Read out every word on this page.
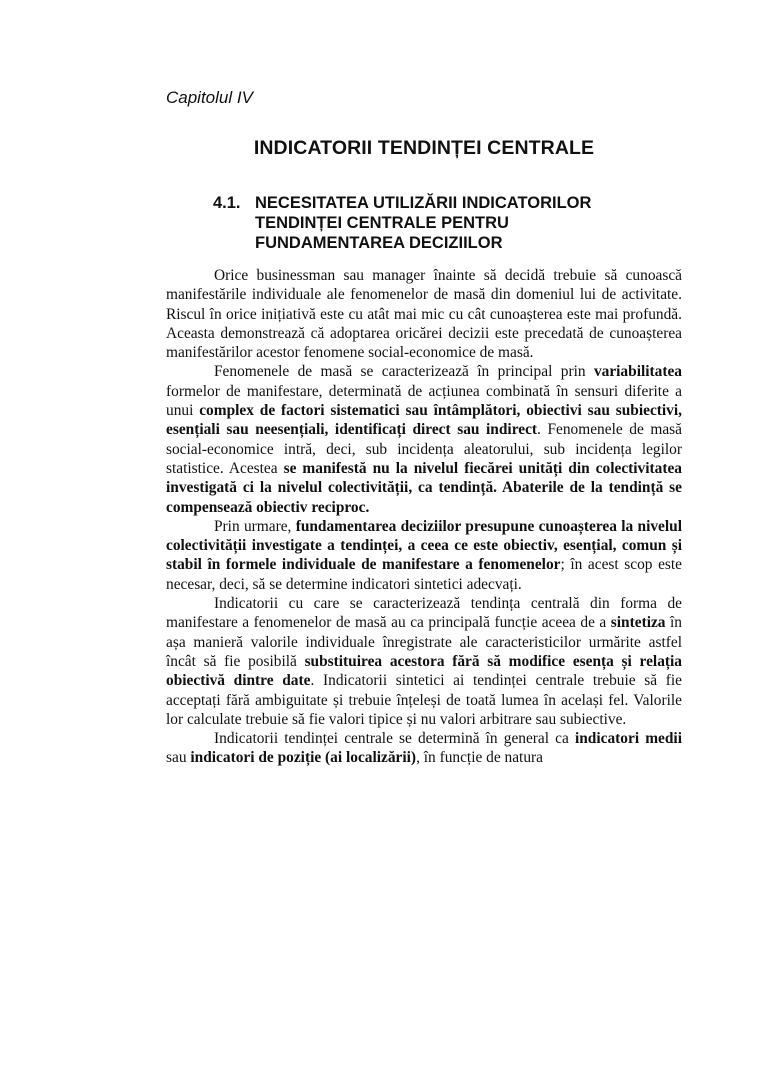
Capitolul IV
INDICATORII TENDINȚEI CENTRALE
4.1. NECESITATEA UTILIZĂRII INDICATORILOR
TENDINȚEI CENTRALE PENTRU
FUNDAMENTAREA DECIZIILOR

Orice businessman sau manager înainte să decidă trebuie să cunoască manifestările individuale ale fenomenelor de masă din domeniul lui de activitate. Riscul în orice inițiativă este cu atât mai mic cu cât cunoașterea este mai profundă. Aceasta demonstrează că adoptarea oricărei decizii este precedată de cunoașterea manifestărilor acestor fenomene social-economice de masă.

Fenomenele de masă se caracterizează în principal prin variabilitatea formelor de manifestare, determinată de acțiunea combinată în sensuri diferite a unui complex de factori sistematici sau întâmplători, obiectivi sau subiectivi, esențiali sau neesențiali, identificați direct sau indirect. Fenomenele de masă social-economice intră, deci, sub incidența aleatorului, sub incidența legilor statistice. Acestea se manifestă nu la nivelul fiecărei unități din colectivitatea investigată ci la nivelul colectivității, ca tendință. Abaterile de la tendință se compensează obiectiv reciproc.

Prin urmare, fundamentarea deciziilor presupune cunoașterea la nivelul colectivității investigate a tendinței, a ceea ce este obiectiv, esențial, comun și stabil în formele individuale de manifestare a fenomenelor; în acest scop este necesar, deci, să se determine indicatori sintetici adecvați.

Indicatorii cu care se caracterizează tendința centrală din forma de manifestare a fenomenelor de masă au ca principală funcție aceea de a sintetiza în așa manieră valorile individuale înregistrate ale caracteristicilor urmărite astfel încât să fie posibilă substituirea acestora fără să modifice esența și relația obiectivă dintre date. Indicatorii sintetici ai tendinței centrale trebuie să fie acceptați fără ambiguitate și trebuie înțeleși de toată lumea în același fel. Valorile lor calculate trebuie să fie valori tipice și nu valori arbitrare sau subiective.

Indicatorii tendinței centrale se determină în general ca indicatori medii sau indicatori de poziție (ai localizării), în funcție de natura
